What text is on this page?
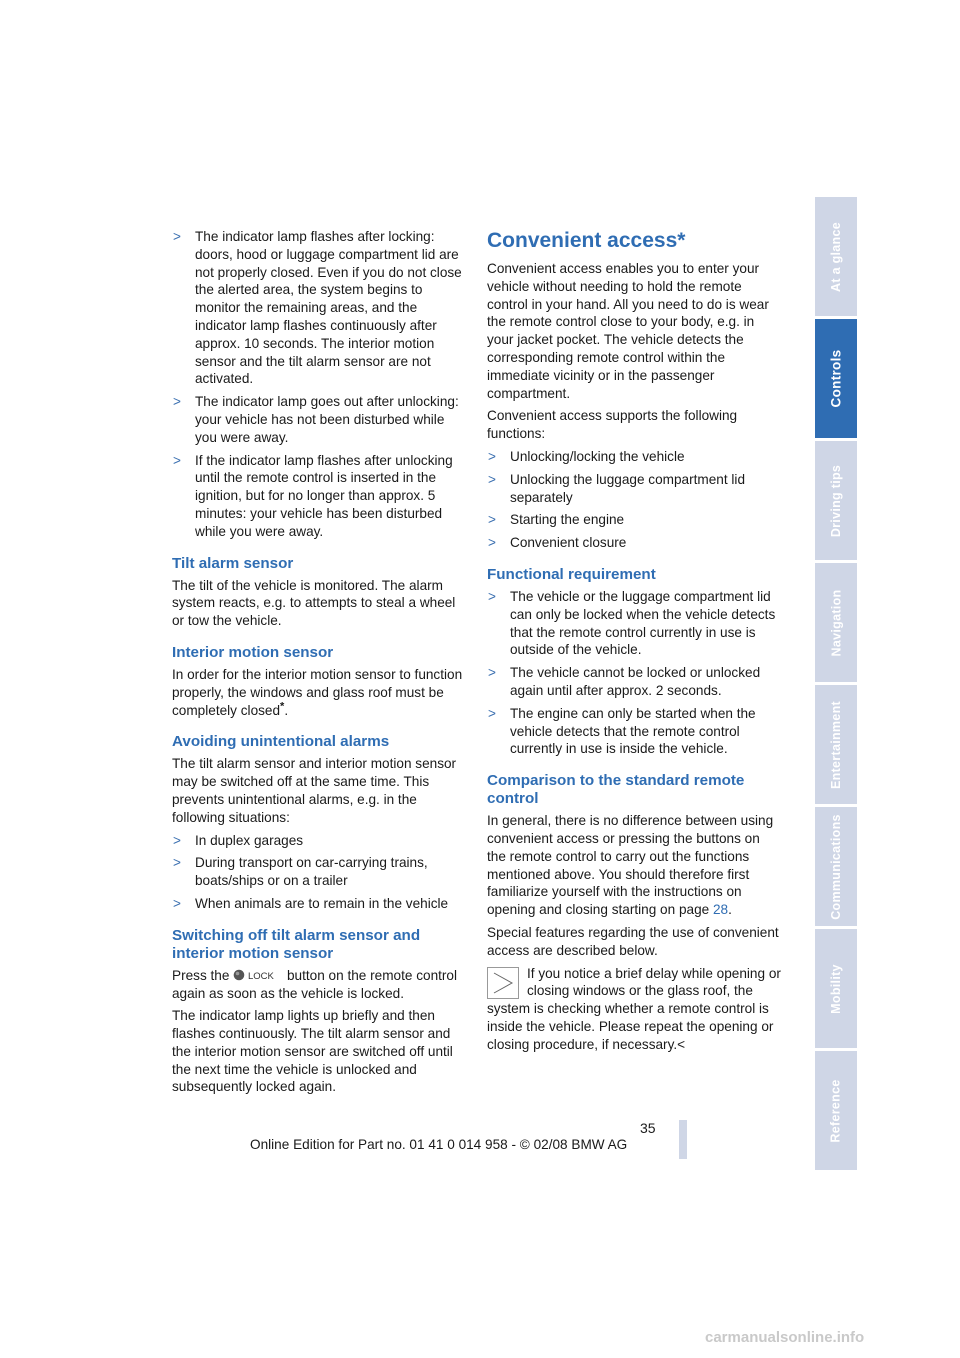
> The indicator lamp flashes after locking: doors, hood or luggage compartment lid are not properly closed. Even if you do not close the alerted area, the system begins to monitor the remaining areas, and the indicator lamp flashes continuously after approx. 10 seconds. The interior motion sensor and the tilt alarm sensor are not activated.
> The indicator lamp goes out after unlocking: your vehicle has not been disturbed while you were away.
> If the indicator lamp flashes after unlocking until the remote control is inserted in the ignition, but for no longer than approx. 5 minutes: your vehicle has been disturbed while you were away.
Tilt alarm sensor

The tilt of the vehicle is monitored. The alarm system reacts, e.g. to attempts to steal a wheel or tow the vehicle.

Interior motion sensor

In order for the interior motion sensor to function properly, the windows and glass roof must be completely closed*.

Avoiding unintentional alarms

The tilt alarm sensor and interior motion sensor may be switched off at the same time. This prevents unintentional alarms, e.g. in the following situations:

> In duplex garages
> During transport on car-carrying trains, boats/ships or on a trailer
> When animals are to remain in the vehicle
Switching off tilt alarm sensor and interior motion sensor

Press the LOCK button on the remote control again as soon as the vehicle is locked.

The indicator lamp lights up briefly and then flashes continuously. The tilt alarm sensor and the interior motion sensor are switched off until the next time the vehicle is unlocked and subsequently locked again.

Convenient access*

Convenient access enables you to enter your vehicle without needing to hold the remote control in your hand. All you need to do is wear the remote control close to your body, e.g. in your jacket pocket. The vehicle detects the corresponding remote control within the immediate vicinity or in the passenger compartment.

Convenient access supports the following functions:

> Unlocking/locking the vehicle
> Unlocking the luggage compartment lid separately
> Starting the engine
> Convenient closure
Functional requirement
> The vehicle or the luggage compartment lid can only be locked when the vehicle detects that the remote control currently in use is outside of the vehicle.
> The vehicle cannot be locked or unlocked again until after approx. 2 seconds.
> The engine can only be started when the vehicle detects that the remote control currently in use is inside the vehicle.
Comparison to the standard remote control

In general, there is no difference between using convenient access or pressing the buttons on the remote control to carry out the functions mentioned above. You should therefore first familiarize yourself with the instructions on opening and closing starting on page 28.

Special features regarding the use of convenient access are described below.

If you notice a brief delay while opening or closing windows or the glass roof, the system is checking whether a remote control is inside the vehicle. Please repeat the opening or closing procedure, if necessary.<
At a glance
Controls
Driving tips
Navigation
Entertainment
Communications
Mobility
Reference
35
Online Edition for Part no. 01 41 0 014 958 - © 02/08 BMW AG
carmanualsonline.info
